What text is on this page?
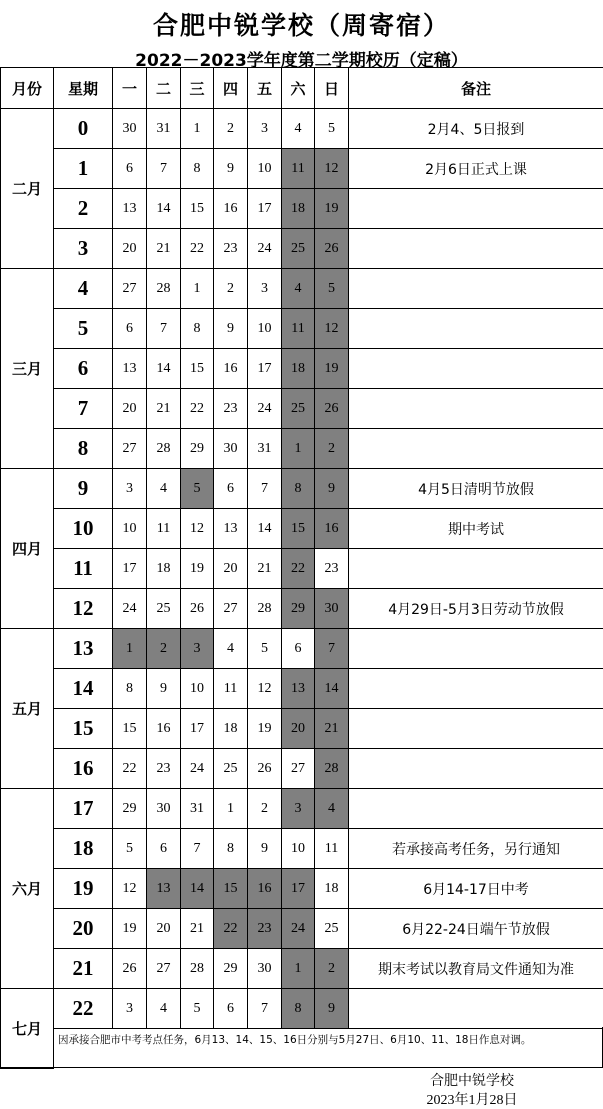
合肥中锐学校（周寄宿）
2022－2023学年度第二学期校历（定稿）
月份	星期	一	二	三	四	五	六	日	备注
二月	0	30	31	1	2	3	4	5	2月4、5日报到
	1	6	7	8	9	10	11	12	2月6日正式上课
	2	13	14	15	16	17	18	19	
	3	20	21	22	23	24	25	26	
三月	4	27	28	1	2	3	4	5	
	5	6	7	8	9	10	11	12	
	6	13	14	15	16	17	18	19	
	7	20	21	22	23	24	25	26	
	8	27	28	29	30	31	1	2	
四月	9	3	4	5	6	7	8	9	4月5日清明节放假
	10	10	11	12	13	14	15	16	期中考试
	11	17	18	19	20	21	22	23	
	12	24	25	26	27	28	29	30	4月29日-5月3日劳动节放假
五月	13	1	2	3	4	5	6	7	
	14	8	9	10	11	12	13	14	
	15	15	16	17	18	19	20	21	
	16	22	23	24	25	26	27	28	
六月	17	29	30	31	1	2	3	4	
	18	5	6	7	8	9	10	11	若承接高考任务，另行通知
	19	12	13	14	15	16	17	18	6月14-17日中考
	20	19	20	21	22	23	24	25	6月22-24日端午节放假
	21	26	27	28	29	30	1	2	期末考试以教育局文件通知为准
七月	22	3	4	5	6	7	8	9	

因承接合肥市中考考点任务，6月13、14、15、16日分别与5月27日、6月10、11、18日作息对调。
合肥中锐学校
2023年1月28日
